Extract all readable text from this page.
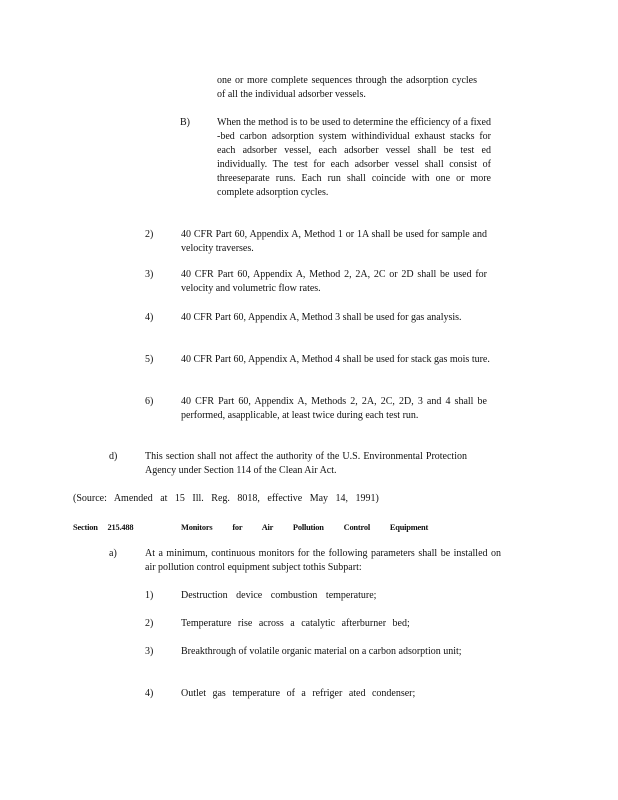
one or more complete sequences through the adsorption cycles of all the individual adsorber vessels.

B)	When the method is to be used to determine the efficiency of a fixed -bed carbon adsorption system withindividual exhaust stacks for each adsorber vessel, each adsorber vessel shall be test ed individually. The test for each adsorber vessel shall consist of threeseparate runs. Each run shall coincide with one or more complete adsorption cycles.

2)	40 CFR Part 60, Appendix A, Method 1 or 1A shall be used for sample and velocity traverses.

3)	40 CFR Part 60, Appendix A, Method 2, 2A, 2C or 2D shall be used for velocity and volumetric flow rates.

4)	40 CFR Part 60, Appendix A, Method 3 shall be used for gas analysis.

5)	40 CFR Part 60, Appendix A, Method 4 shall be used for stack gas mois ture.

6)	40 CFR Part 60, Appendix A, Methods 2, 2A, 2C, 2D, 3 and 4 shall be performed, asapplicable, at least twice during each test run.

d)	This section shall not affect the authority of the U.S. Environmental Protection Agency under Section 114 of the Clean Air Act.

(Source: Amended at 15 Ill. Reg. 8018, effective May 14, 1991)

Section 215.488	Monitors for Air Pollution Control Equipment
a)	At a minimum, continuous monitors for the following parameters shall be installed on air pollution control equipment subject tothis Subpart:

1)	Destruction device combustion temperature;

2)	Temperature rise across a catalytic afterburner bed;

3)	Breakthrough of volatile organic material on a carbon adsorption unit;

4)	Outlet gas temperature of a refriger ated condenser;
